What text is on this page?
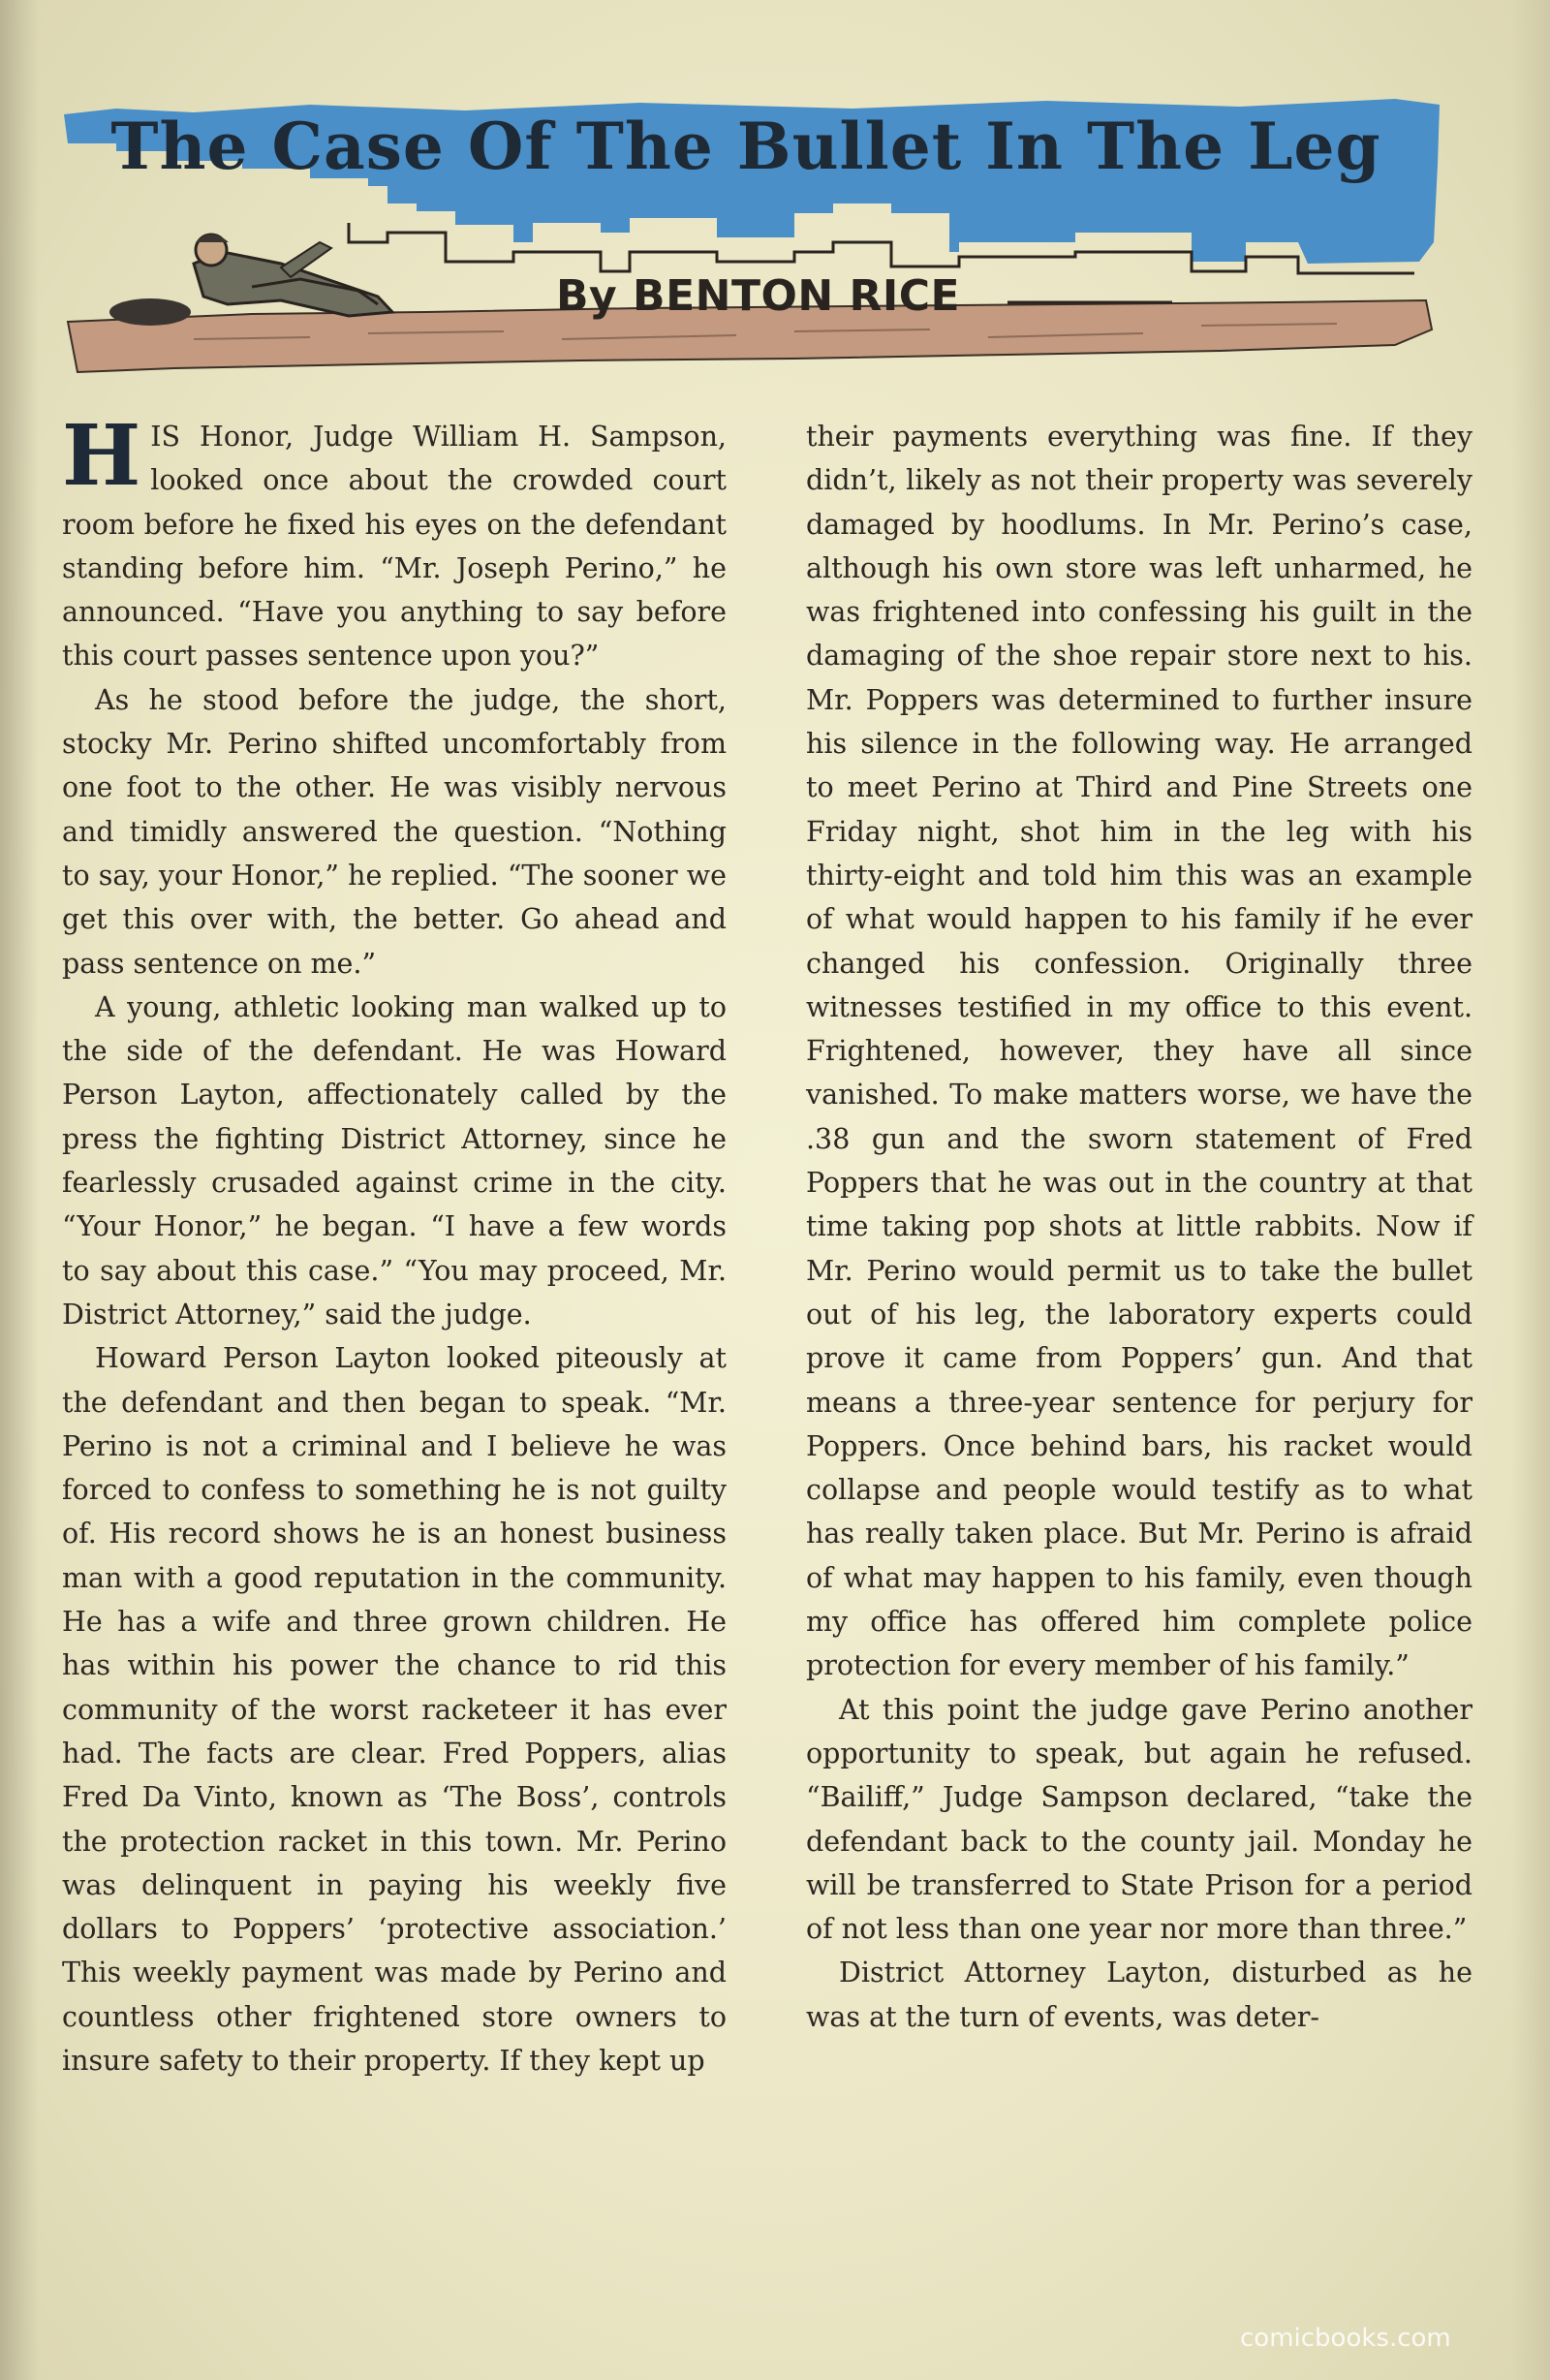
The Case Of The Bullet In The Leg
By BENTON RICE

HIS Honor, Judge William H. Sampson, looked once about the crowded court room before he fixed his eyes on the defendant standing before him. “Mr. Joseph Perino,” he announced. “Have you anything to say before this court passes sentence upon you?”

As he stood before the judge, the short, stocky Mr. Perino shifted uncomfortably from one foot to the other. He was visibly nervous and timidly answered the question. “Nothing to say, your Honor,” he replied. “The sooner we get this over with, the better. Go ahead and pass sentence on me.”

A young, athletic looking man walked up to the side of the defendant. He was Howard Person Layton, affectionately called by the press the fighting District Attorney, since he fearlessly crusaded against crime in the city. “Your Honor,” he began. “I have a few words to say about this case.” “You may proceed, Mr. District Attorney,” said the judge.

Howard Person Layton looked piteously at the defendant and then began to speak. “Mr. Perino is not a criminal and I believe he was forced to confess to something he is not guilty of. His record shows he is an honest business man with a good reputation in the community. He has a wife and three grown children. He has within his power the chance to rid this community of the worst racketeer it has ever had. The facts are clear. Fred Poppers, alias Fred Da Vinto, known as ‘The Boss’, controls the protection racket in this town. Mr. Perino was delinquent in paying his weekly five dollars to Poppers’ ‘protective association.’ This weekly payment was made by Perino and countless other frightened store owners to insure safety to their property. If they kept up

their payments everything was fine. If they didn’t, likely as not their property was severely damaged by hoodlums. In Mr. Perino’s case, although his own store was left unharmed, he was frightened into confessing his guilt in the damaging of the shoe repair store next to his. Mr. Poppers was determined to further insure his silence in the following way. He arranged to meet Perino at Third and Pine Streets one Friday night, shot him in the leg with his thirty-eight and told him this was an example of what would happen to his family if he ever changed his confession. Originally three witnesses testified in my office to this event. Frightened, however, they have all since vanished. To make matters worse, we have the .38 gun and the sworn statement of Fred Poppers that he was out in the country at that time taking pop shots at little rabbits. Now if Mr. Perino would permit us to take the bullet out of his leg, the laboratory experts could prove it came from Poppers’ gun. And that means a three-year sentence for perjury for Poppers. Once behind bars, his racket would collapse and people would testify as to what has really taken place. But Mr. Perino is afraid of what may happen to his family, even though my office has offered him complete police protection for every member of his family.”

At this point the judge gave Perino another opportunity to speak, but again he refused. “Bailiff,” Judge Sampson declared, “take the defendant back to the county jail. Monday he will be transferred to State Prison for a period of not less than one year nor more than three.”

District Attorney Layton, disturbed as he was at the turn of events, was deter-

comicbooks.com
